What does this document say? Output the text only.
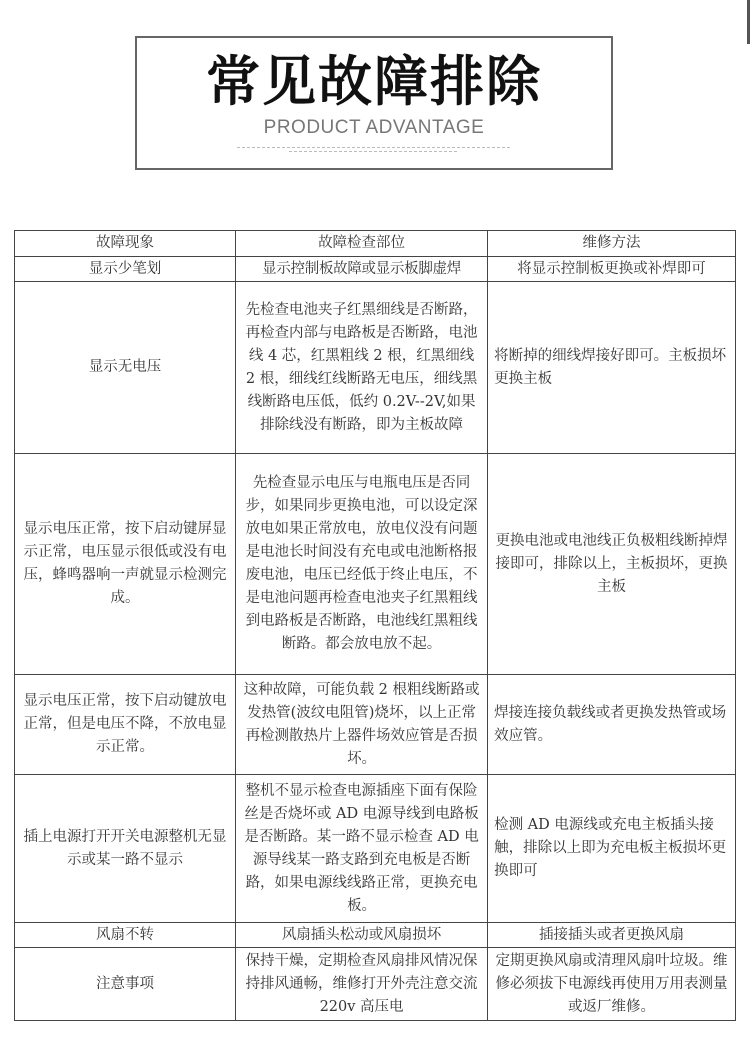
常见故障排除
PRODUCT ADVANTAGE
故障现象	故障检查部位	维修方法
显示少笔划	显示控制板故障或显示板脚虚焊	将显示控制板更换或补焊即可
显示无电压	先检查电池夹子红黑细线是否断路，再检查内部与电路板是否断路，电池线 4 芯，红黑粗线 2 根，红黑细线 2 根，细线红线断路无电压，细线黑线断路电压低，低约 0.2V--2V,如果排除线没有断路，即为主板故障	将断掉的细线焊接好即可。主板损坏更换主板
显示电压正常，按下启动键屏显示正常，电压显示很低或没有电压，蜂鸣器响一声就显示检测完成。	先检查显示电压与电瓶电压是否同步，如果同步更换电池，可以设定深放电如果正常放电，放电仪没有问题是电池长时间没有充电或电池断格报废电池，电压已经低于终止电压，不是电池问题再检查电池夹子红黑粗线到电路板是否断路，电池线红黑粗线断路。都会放电放不起。	更换电池或电池线正负极粗线断掉焊接即可，排除以上，主板损坏，更换主板
显示电压正常，按下启动键放电正常，但是电压不降，不放电显示正常。	这种故障，可能负载 2 根粗线断路或发热管(波纹电阻管)烧坏，以上正常再检测散热片上器件场效应管是否损坏。	焊接连接负载线或者更换发热管或场效应管。
插上电源打开开关电源整机无显示或某一路不显示	整机不显示检查电源插座下面有保险丝是否烧坏或 AD 电源导线到电路板是否断路。某一路不显示检查 AD 电源导线某一路支路到充电板是否断路，如果电源线线路正常，更换充电板。	检测 AD 电源线或充电主板插头接触，排除以上即为充电板主板损坏更换即可
风扇不转	风扇插头松动或风扇损坏	插接插头或者更换风扇
注意事项	保持干燥，定期检查风扇排风情况保持排风通畅，维修打开外壳注意交流 220v 高压电	定期更换风扇或清理风扇叶垃圾。维修必须拔下电源线再使用万用表测量或返厂维修。
